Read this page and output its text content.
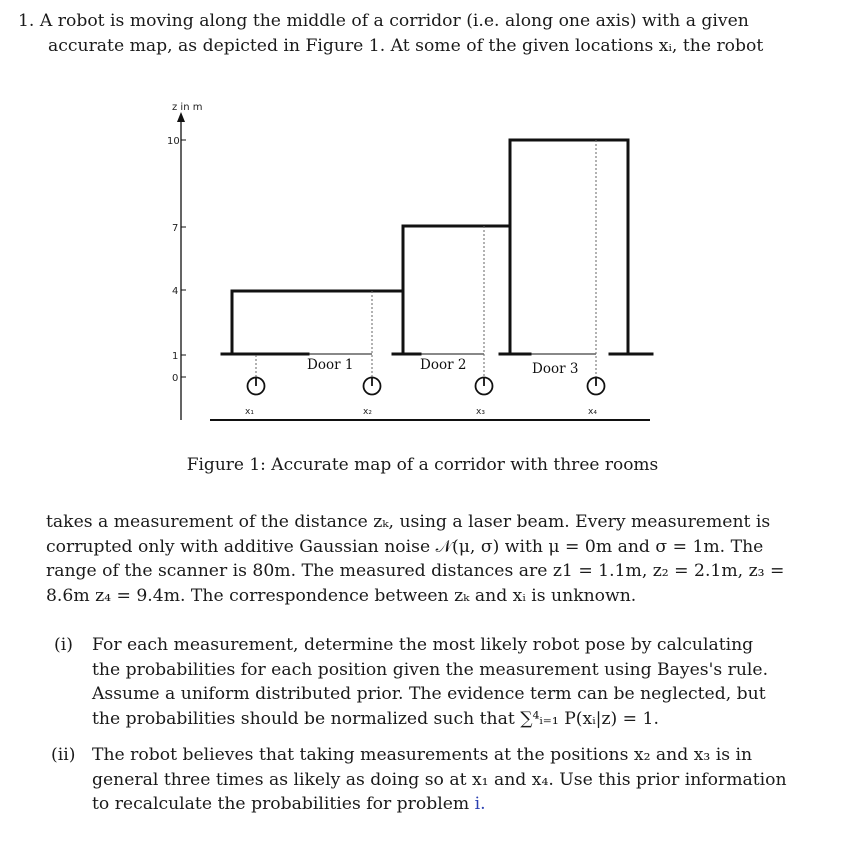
1. A robot is moving along the middle of a corridor (i.e. along one axis) with a given
accurate map, as depicted in Figure 1. At some of the given locations xᵢ, the robot
z in m
10
7
4
1
0
Door 1	Door 2	Door 3
x₁	x₂	x₃	x₄
Figure 1: Accurate map of a corridor with three rooms
takes a measurement of the distance zₖ, using a laser beam. Every measurement is
corrupted only with additive Gaussian noise 𝒩(μ, σ) with μ = 0m and σ = 1m. The
range of the scanner is 80m. The measured distances are z1 = 1.1m, z₂ = 2.1m, z₃ =
8.6m z₄ = 9.4m. The correspondence between zₖ and xᵢ is unknown.
(i) For each measurement, determine the most likely robot pose by calculating
the probabilities for each position given the measurement using Bayes's rule.
Assume a uniform distributed prior. The evidence term can be neglected, but
the probabilities should be normalized such that ∑⁴ᵢ₌₁ P(xᵢ|z) = 1.
(ii) The robot believes that taking measurements at the positions x₂ and x₃ is in
general three times as likely as doing so at x₁ and x₄. Use this prior information
to recalculate the probabilities for problem i.
